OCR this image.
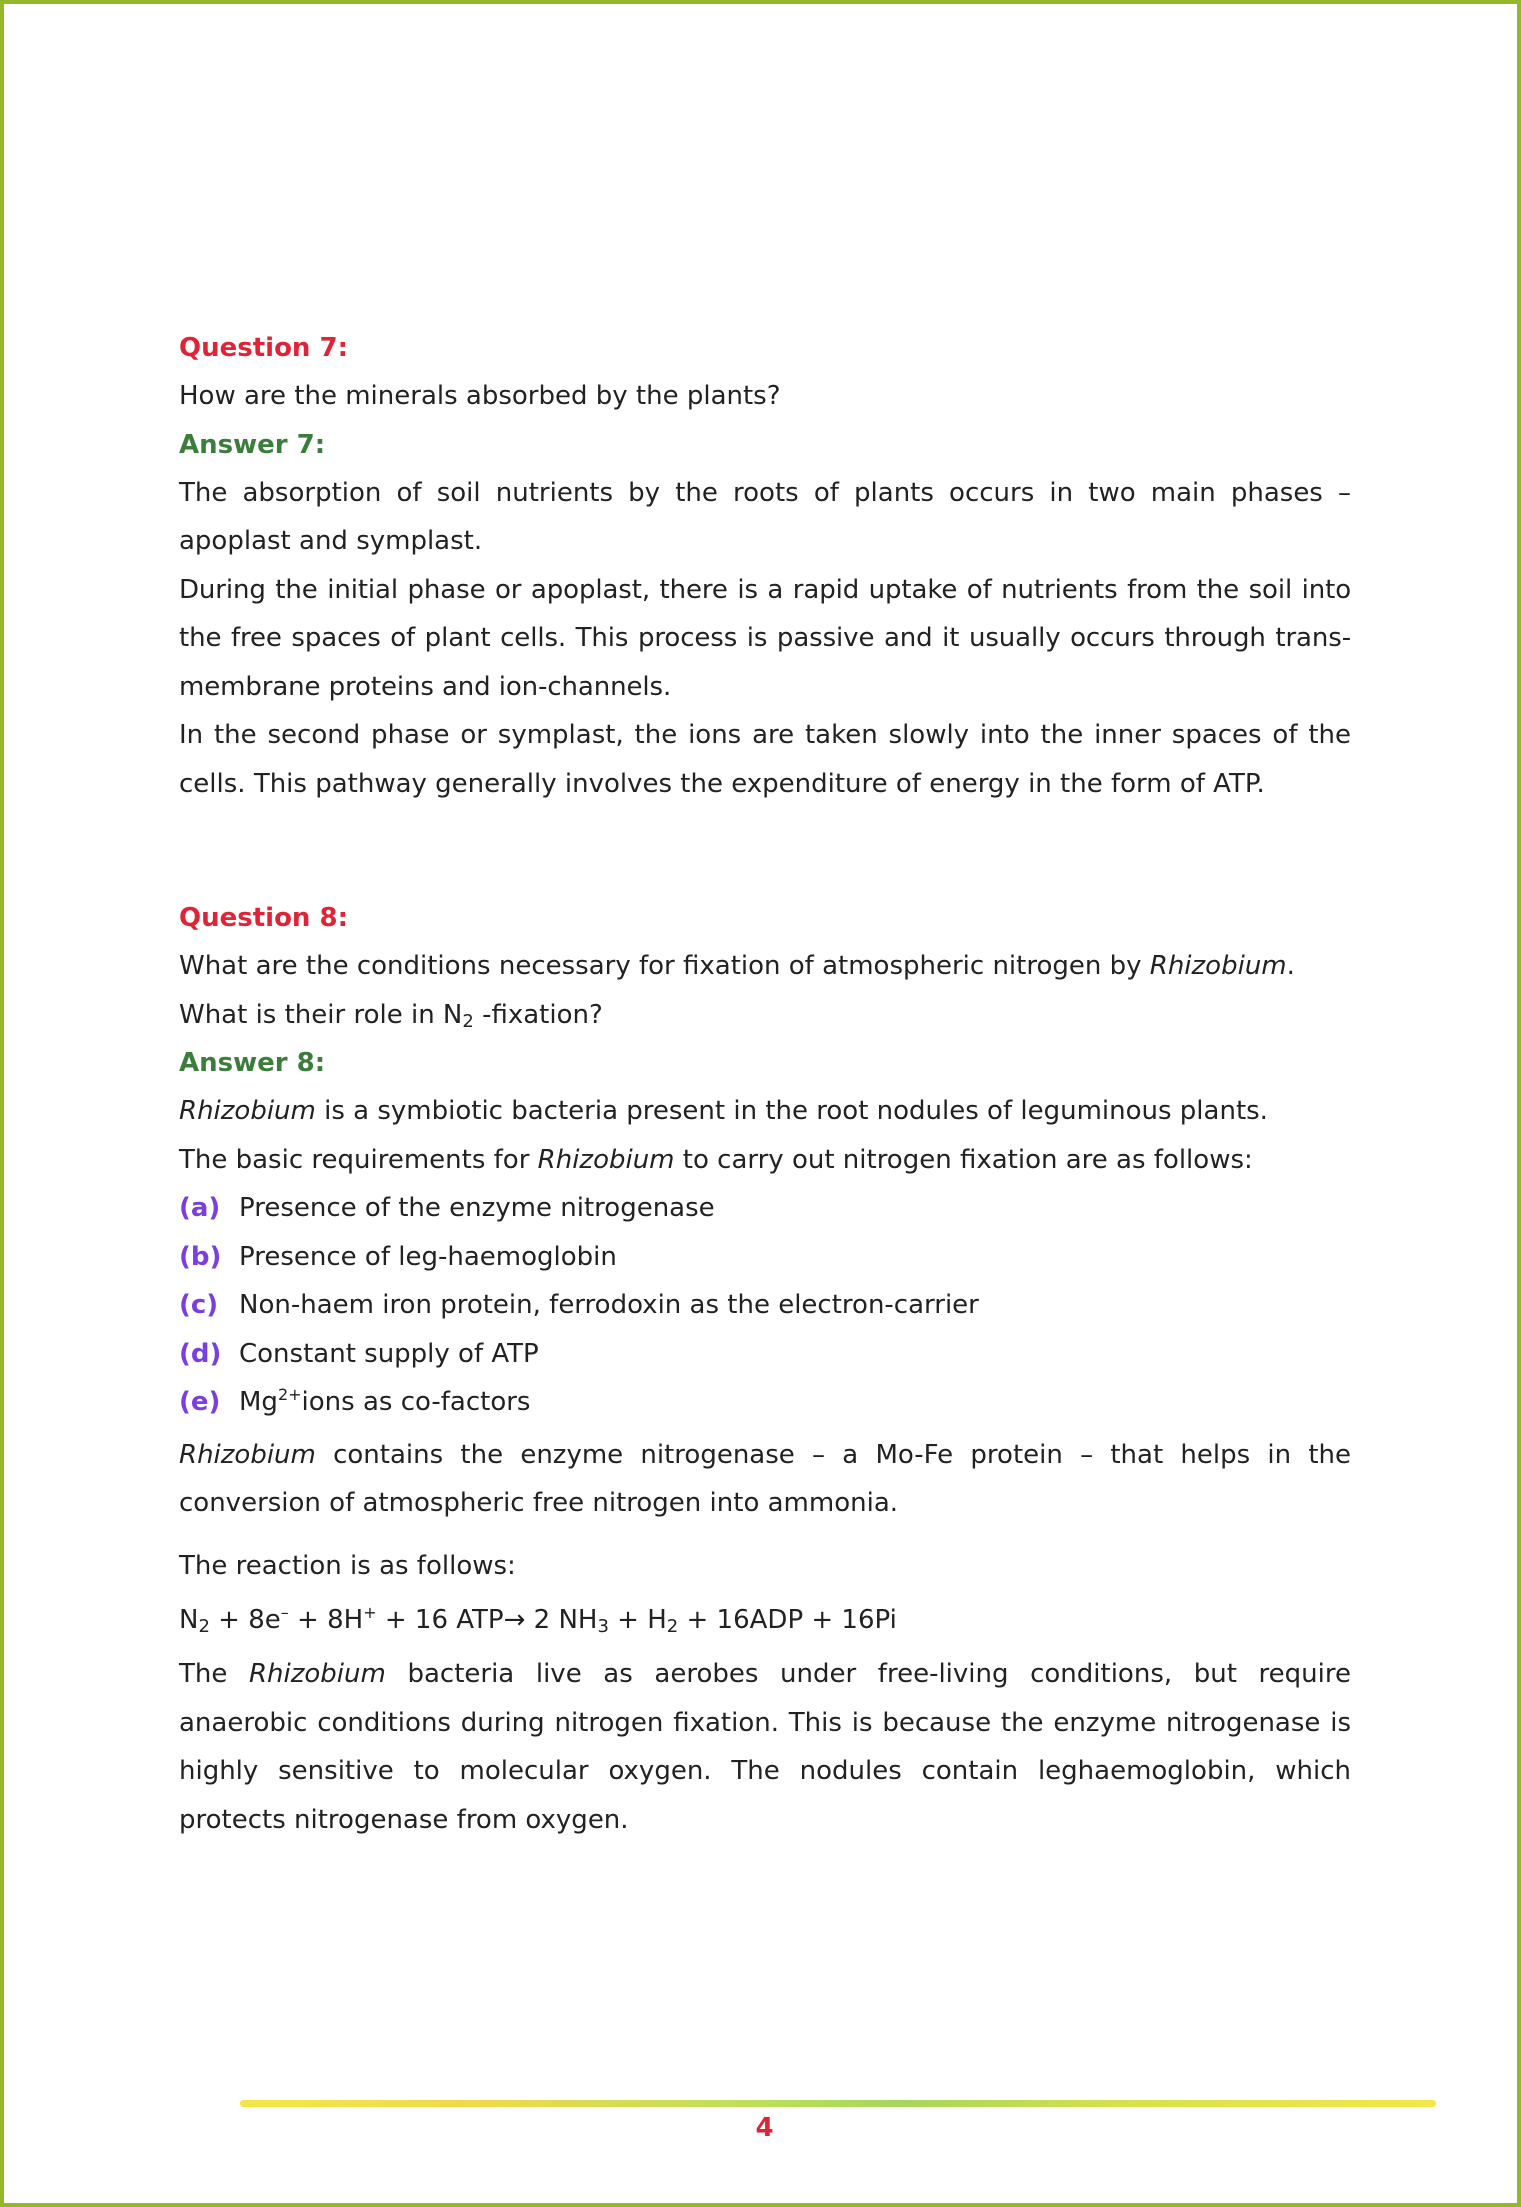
Question 7:

How are the minerals absorbed by the plants?

Answer 7:

The absorption of soil nutrients by the roots of plants occurs in two main phases – apoplast and symplast.

During the initial phase or apoplast, there is a rapid uptake of nutrients from the soil into the free spaces of plant cells. This process is passive and it usually occurs through trans-membrane proteins and ion-channels.

In the second phase or symplast, the ions are taken slowly into the inner spaces of the cells. This pathway generally involves the expenditure of energy in the form of ATP.

Question 8:

What are the conditions necessary for fixation of atmospheric nitrogen by Rhizobium. What is their role in $N_2$ -fixation?

Answer 8:

Rhizobium is a symbiotic bacteria present in the root nodules of leguminous plants.

The basic requirements for Rhizobium to carry out nitrogen fixation are as follows:

(a) Presence of the enzyme nitrogenase
(b) Presence of leg-haemoglobin
(c) Non-haem iron protein, ferrodoxin as the electron-carrier
(d) Constant supply of ATP
(e) $Mg^{2+}ions$ as co-factors

Rhizobium contains the enzyme nitrogenase – a Mo-Fe protein – that helps in the conversion of atmospheric free nitrogen into ammonia.

The reaction is as follows:

$N_2 + 8e^- + 8H^+ + 16$ ATP→ 2 $NH_3 + H_2 + 16ADP + 16Pi$

The Rhizobium bacteria live as aerobes under free-living conditions, but require anaerobic conditions during nitrogen fixation. This is because the enzyme nitrogenase is highly sensitive to molecular oxygen. The nodules contain leghaemoglobin, which protects nitrogenase from oxygen.

4
